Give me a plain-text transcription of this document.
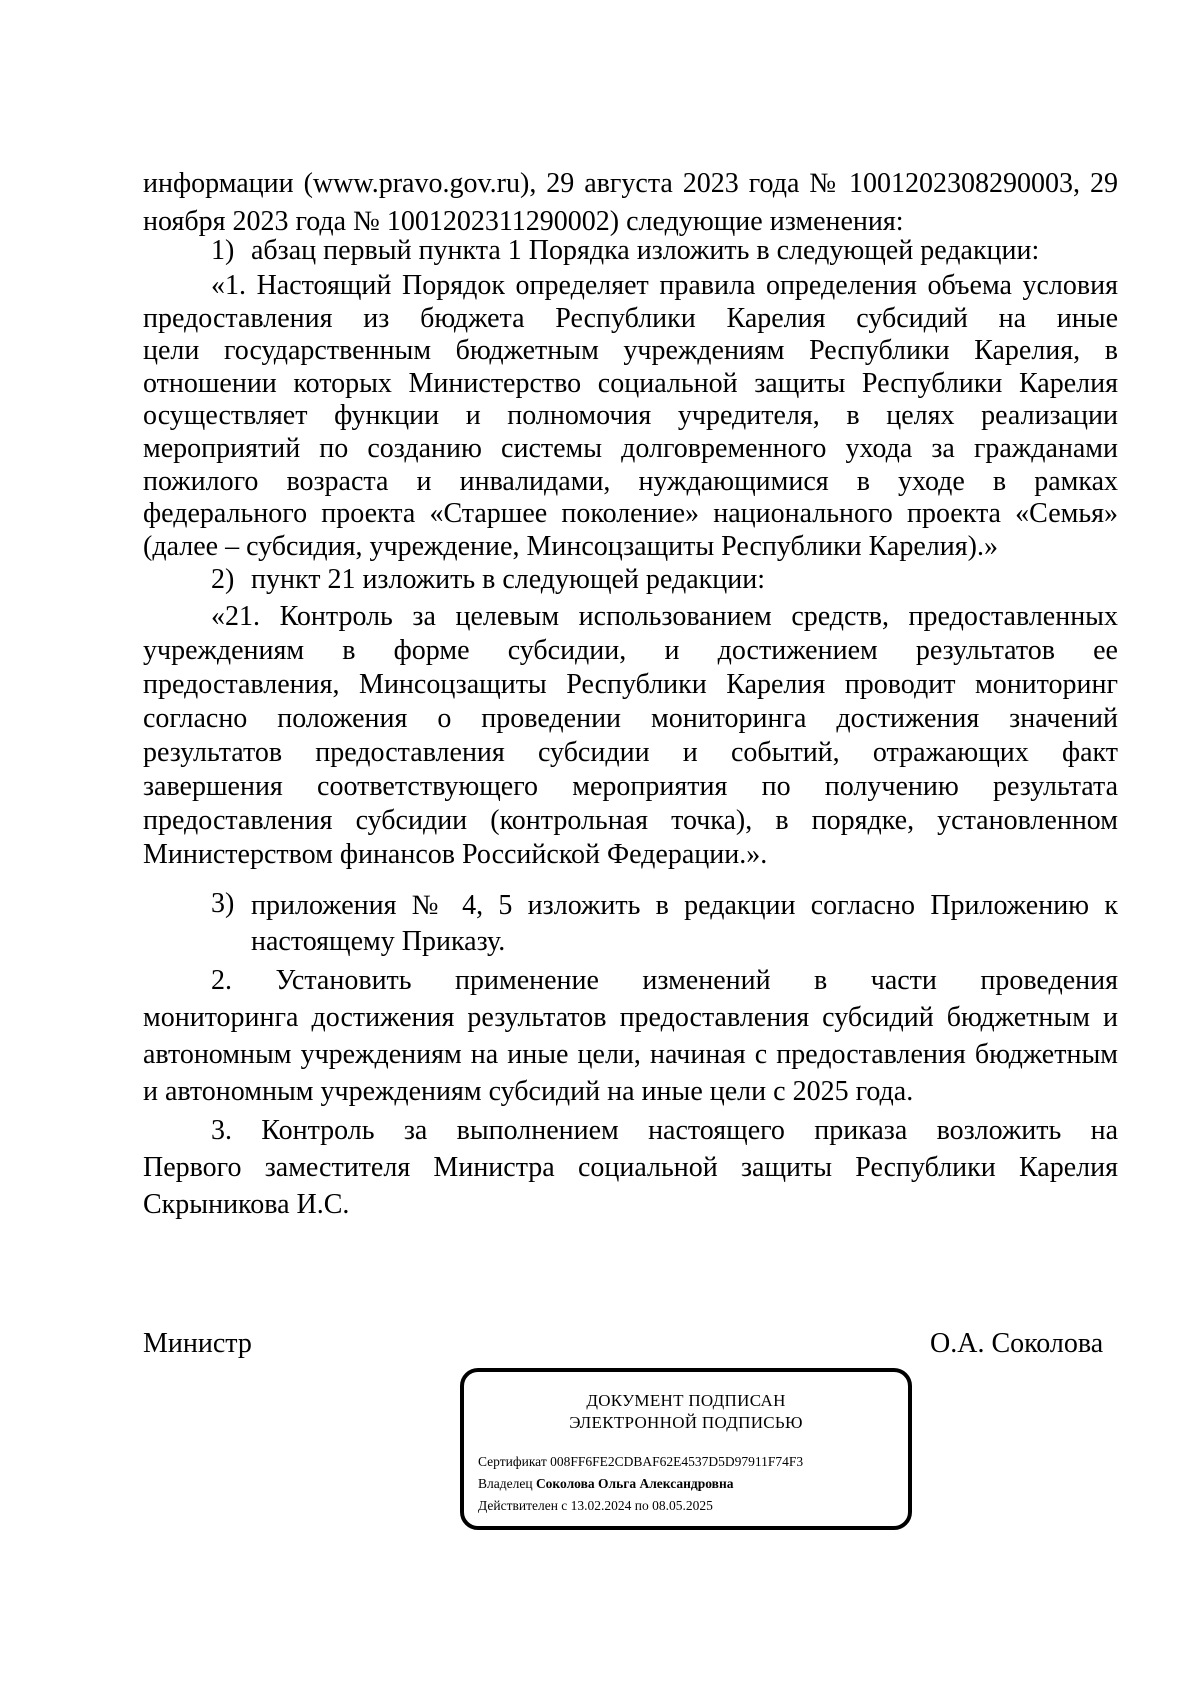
информации (www.pravo.gov.ru), 29 августа 2023 года № 1001202308290003, 29
ноября 2023 года № 1001202311290002) следующие изменения:
1) абзац первый пункта 1 Порядка изложить в следующей редакции:
«1. Настоящий Порядок определяет правила определения объема условия
предоставления из бюджета Республики Карелия субсидий на иные
цели государственным бюджетным учреждениям Республики Карелия, в
отношении которых Министерство социальной защиты Республики Карелия
осуществляет функции и полномочия учредителя, в целях реализации
мероприятий по созданию системы долговременного ухода за гражданами
пожилого возраста и инвалидами, нуждающимися в уходе в рамках
федерального проекта «Старшее поколение» национального проекта «Семья»
(далее – субсидия, учреждение, Минсоцзащиты Республики Карелия).»
2) пункт 21 изложить в следующей редакции:
«21. Контроль за целевым использованием средств, предоставленных
учреждениям в форме субсидии, и достижением результатов ее
предоставления, Минсоцзащиты Республики Карелия проводит мониторинг
согласно положения о проведении мониторинга достижения значений
результатов предоставления субсидии и событий, отражающих факт
завершения соответствующего мероприятия по получению результата
предоставления субсидии (контрольная точка), в порядке, установленном
Министерством финансов Российской Федерации.».
3) приложения № 4, 5 изложить в редакции согласно Приложению к
настоящему Приказу.
2. Установить применение изменений в части проведения
мониторинга достижения результатов предоставления субсидий бюджетным и
автономным учреждениям на иные цели, начиная с предоставления бюджетным
и автономным учреждениям субсидий на иные цели с 2025 года.
3. Контроль за выполнением настоящего приказа возложить на
Первого заместителя Министра социальной защиты Республики Карелия
Скрыникова И.С.
Министр	О.А. Соколова
ДОКУМЕНТ ПОДПИСАН
ЭЛЕКТРОННОЙ ПОДПИСЬЮ
Сертификат 008FF6FE2CDBAF62E4537D5D97911F74F3
Владелец Соколова Ольга Александровна
Действителен с 13.02.2024 по 08.05.2025
